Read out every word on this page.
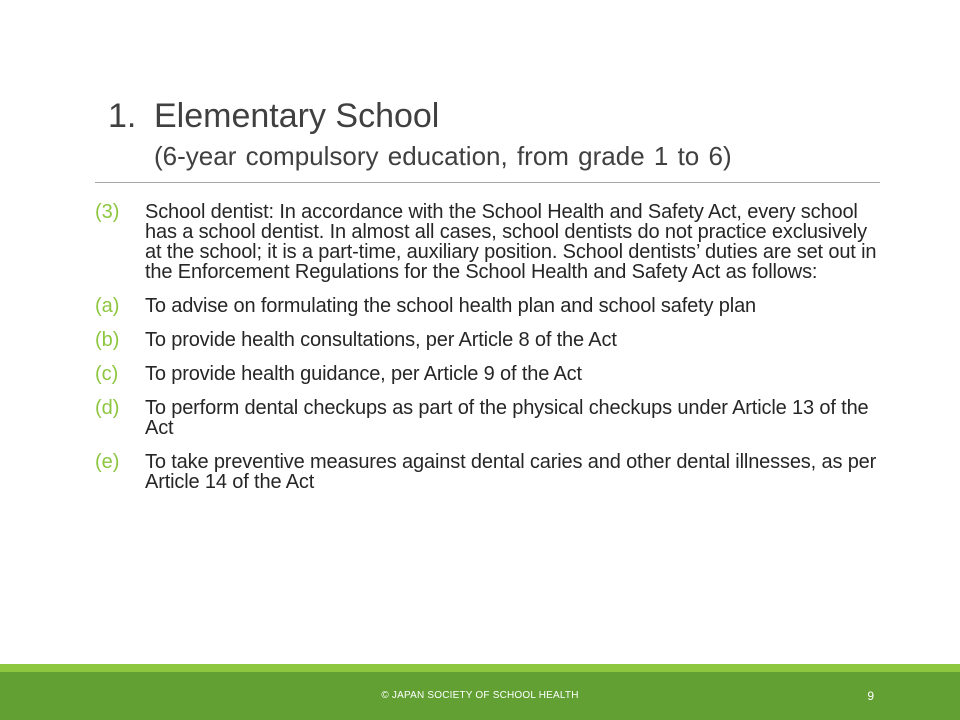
1. Elementary School
(6-year compulsory education, from grade 1 to 6)
(3)	School dentist: In accordance with the School Health and Safety Act, every school has a school dentist. In almost all cases, school dentists do not practice exclusively at the school; it is a part-time, auxiliary position. School dentists’ duties are set out in the Enforcement Regulations for the School Health and Safety Act as follows:
(a)	To advise on formulating the school health plan and school safety plan
(b)	To provide health consultations, per Article 8 of the Act
(c)	To provide health guidance, per Article 9 of the Act
(d)	To perform dental checkups as part of the physical checkups under Article 13 of the Act
(e)	To take preventive measures against dental caries and other dental illnesses, as per Article 14 of the Act
© JAPAN SOCIETY OF SCHOOL HEALTH	9
